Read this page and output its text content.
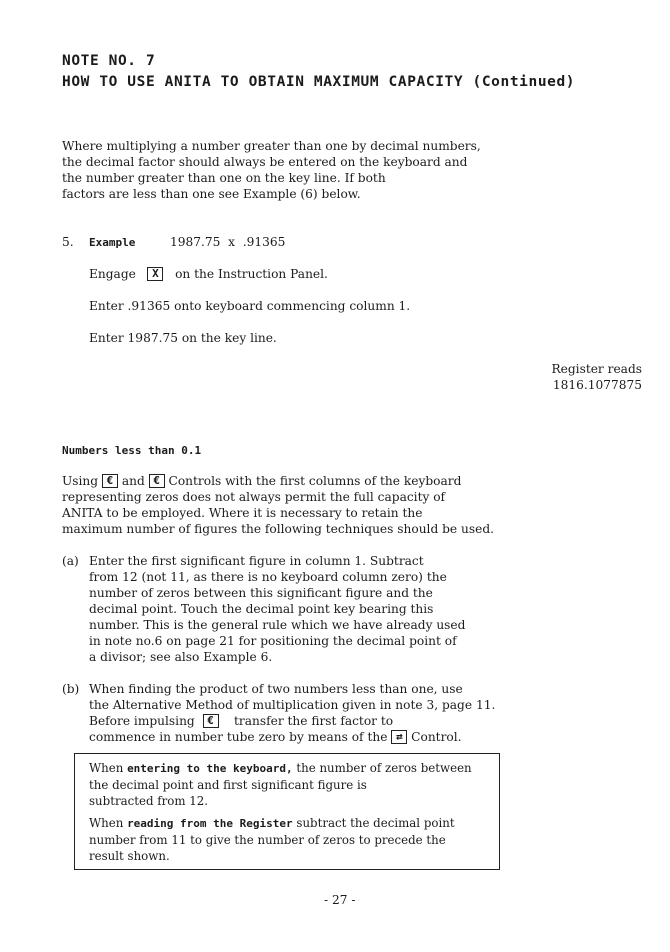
NOTE NO. 7
HOW TO USE ANITA TO OBTAIN MAXIMUM CAPACITY (Continued)
Where multiplying a number greater than one by decimal numbers,
the decimal factor should always be entered on the keyboard and
the number greater than one on the key line. If both
factors are less than one see Example (6) below.
5. Example	1987.75  x  .91365
Engage X on the Instruction Panel.
Enter .91365 onto keyboard commencing column 1.
Enter 1987.75 on the key line.
Register reads
1816.1077875
Numbers less than 0.1
Using € and € Controls with the first columns of the keyboard
representing zeros does not always permit the full capacity of
ANITA to be employed. Where it is necessary to retain the
maximum number of figures the following techniques should be used.
(a) Enter the first significant figure in column 1. Subtract
from 12 (not 11, as there is no keyboard column zero) the
number of zeros between this significant figure and the
decimal point. Touch the decimal point key bearing this
number. This is the general rule which we have already used
in note no.6 on page 21 for positioning the decimal point of
a divisor; see also Example 6.
(b) When finding the product of two numbers less than one, use
the Alternative Method of multiplication given in note 3, page 11.
Before impulsing € transfer the first factor to
commence in number tube zero by means of the ⇄ Control.
When entering to the keyboard, the number of zeros between
the decimal point and first significant figure is
subtracted from 12.
When reading from the Register subtract the decimal point
number from 11 to give the number of zeros to precede the
result shown.
- 27 -
